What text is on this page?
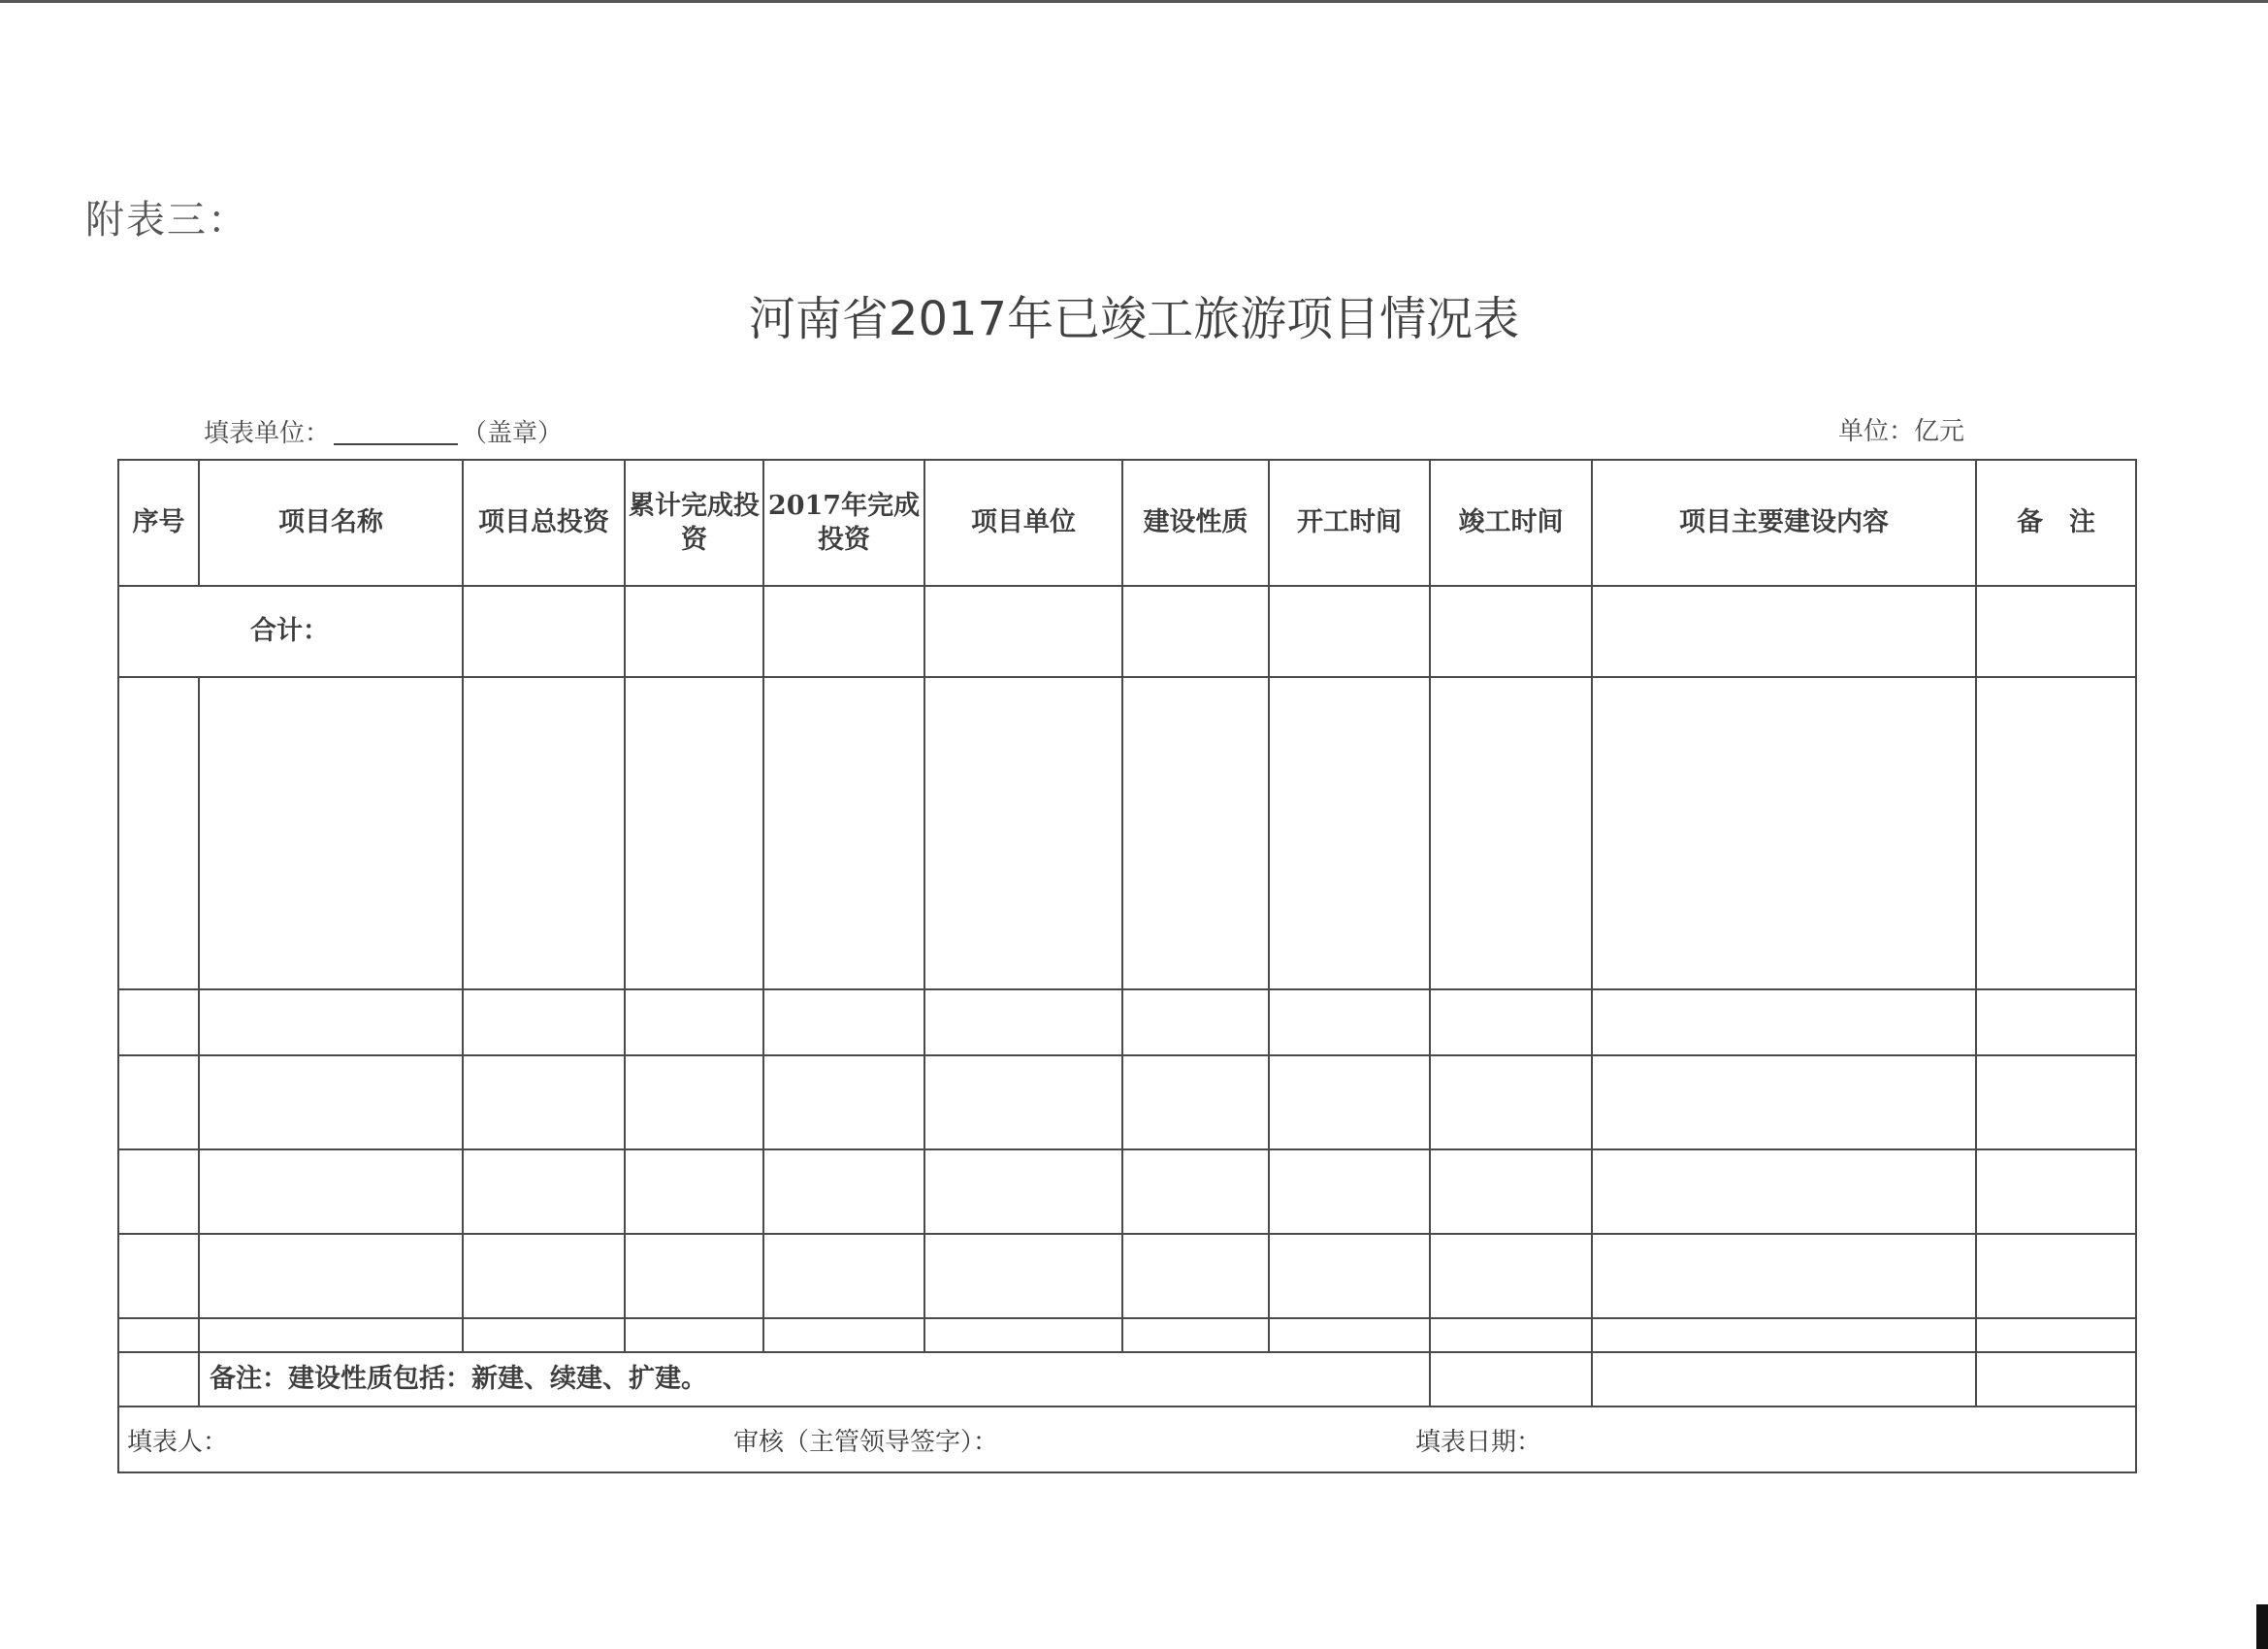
附表三：
河南省2017年已竣工旅游项目情况表
填表单位：	（盖章）	单位：亿元
序号	项目名称	项目总投资	累计完成投资	2017年完成投资	项目单位	建设性质	开工时间	竣工时间	项目主要建设内容	备　注
合计：										

	备注：建设性质包括：新建、续建、扩建。									

填表人： 审核（主管领导签字）： 填表日期：										
